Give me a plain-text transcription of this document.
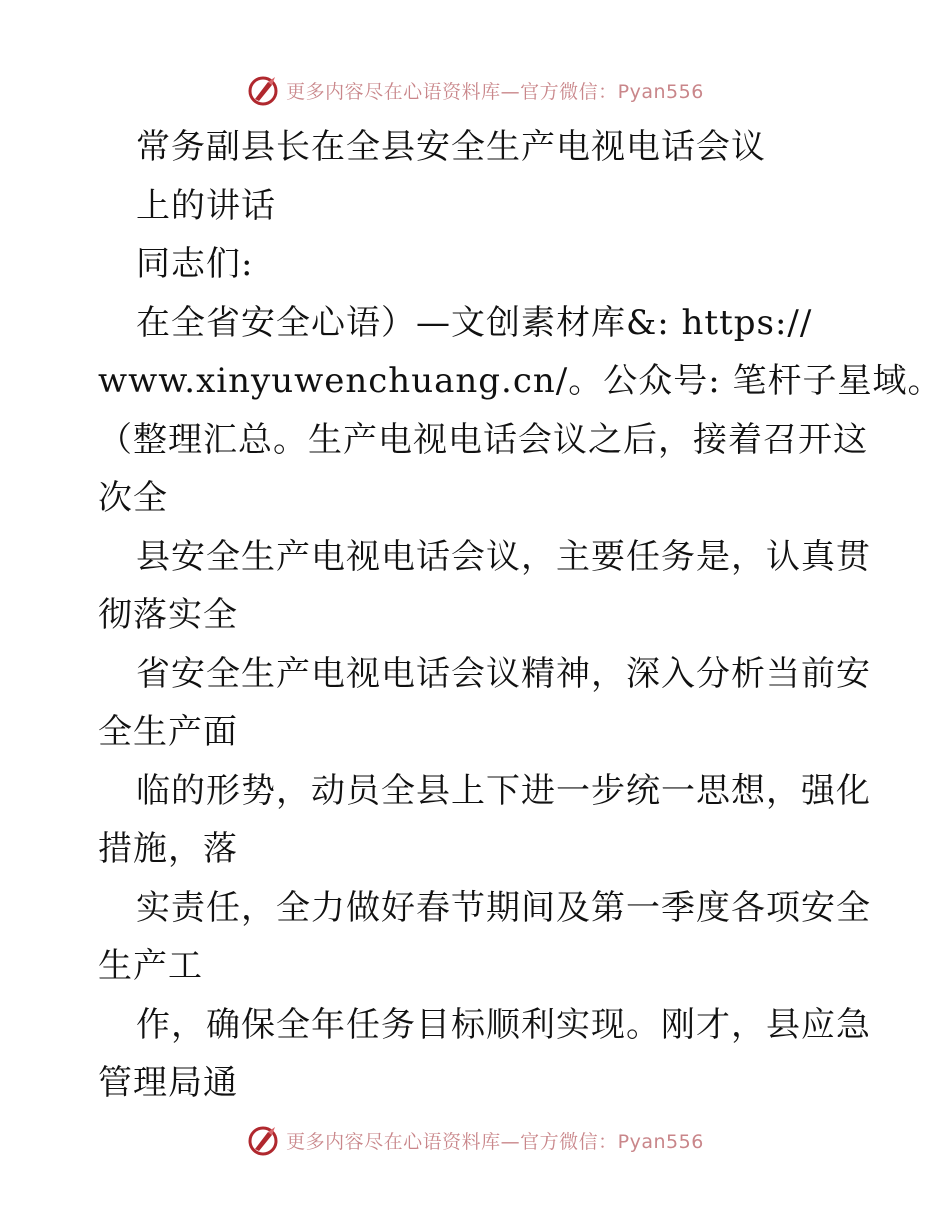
更多内容尽在心语资料库—官方微信：Pyan556
常务副县长在全县安全生产电视电话会议
上的讲话
同志们:
在全省安全心语）—文创素材库&: https://
www.xinyuwenchuang.cn/。公众号: 笔杆子星域。
（整理汇总。生产电视电话会议之后，接着召开这
次全
县安全生产电视电话会议，主要任务是，认真贯
彻落实全
省安全生产电视电话会议精神，深入分析当前安
全生产面
临的形势，动员全县上下进一步统一思想，强化
措施，落
实责任，全力做好春节期间及第一季度各项安全
生产工
作，确保全年任务目标顺利实现。刚才，县应急
管理局通
更多内容尽在心语资料库—官方微信：Pyan556
